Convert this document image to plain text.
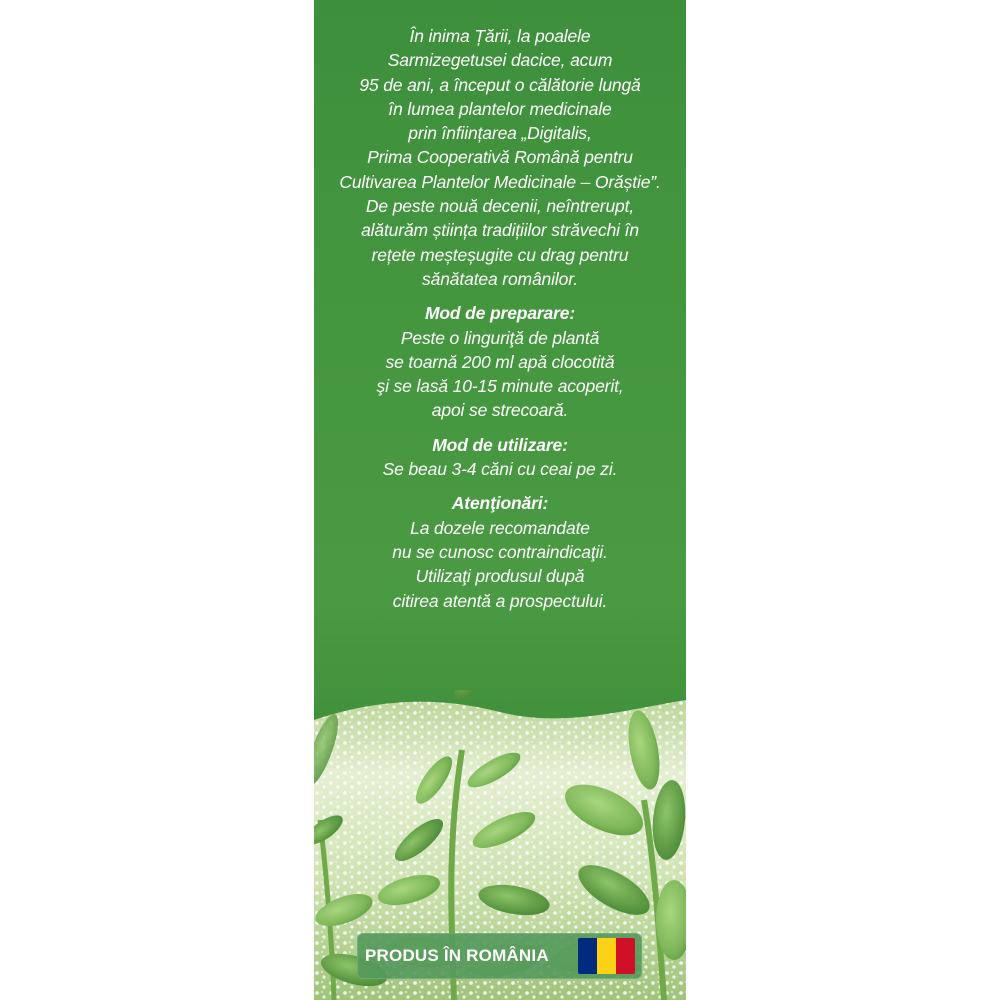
În inima Țării, la poalele

Sarmizegetusei dacice, acum

95 de ani, a început o călătorie lungă

în lumea plantelor medicinale

prin înființarea „Digitalis,

Prima Cooperativă Română pentru

Cultivarea Plantelor Medicinale – Orăștie”.

De peste nouă decenii, neîntrerupt,

alăturăm știința tradițiilor străvechi în

rețete meșteșugite cu drag pentru

sănătatea românilor.

Mod de preparare:

Peste o linguriţă de plantă

se toarnă 200 ml apă clocotită

şi se lasă 10-15 minute acoperit,

apoi se strecoară.

Mod de utilizare:

Se beau 3-4 căni cu ceai pe zi.

Atenţionări:

La dozele recomandate

nu se cunosc contraindicaţii.

Utilizaţi produsul după

citirea atentă a prospectului.

PRODUS ÎN ROMÂNIA
